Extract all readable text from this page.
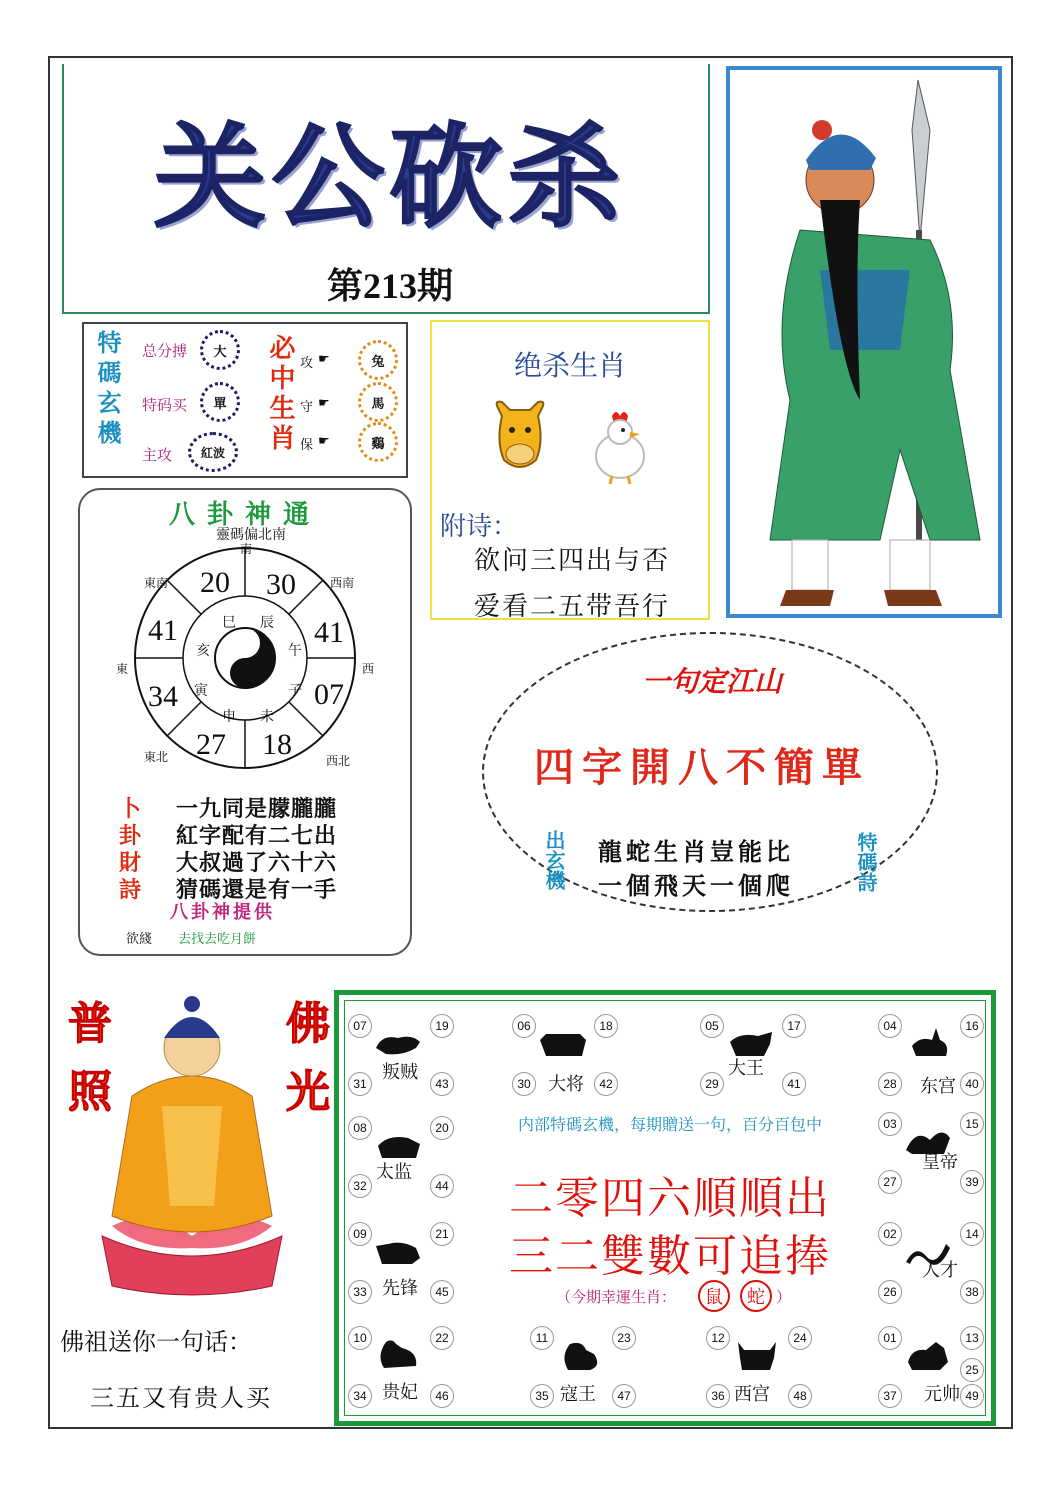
关公砍杀
第213期
特碼玄機 总分搏	大
特码买	單
主攻	紅波	必中生肖 攻 ☛	兔
守 ☛	馬
保 ☛	鷄
绝杀生肖
附诗：
欲问三四出与否
爱看二五带吾行
八卦神通
靈碼偏北南
南
東南	西南
東	西
東北	西北
20 30
41	41
34	07
27 18
巳 辰
亥	午
寅	子
申 未
卜
卦
財
詩
一九同是朦朧朧
紅字配有二七出
大叔過了六十六
猜碼還是有一手
八卦神提供
欲綫 去找去吃月餅
一句定江山
四字開八不簡單
出玄機	特碼詩
龍蛇生肖豈能比
一個飛天一個爬
普照	佛光
佛祖送你一句话：
三五又有贵人买
内部特碼玄機，每期贈送一句，百分百包中
二零四六順順出
三二雙數可追捧
（今期幸運生肖：	鼠	蛇 ）
07	19
31	43
叛贼
06	18
30	42
大将
05	17
29	41
大王
04	16
28	40
东宫
08	20
32	44
太监
03	15
27	39
皇帝
09	21
33	45
先锋
02	14
26	38
人才
10	22
34	46
贵妃
11	23
35	47
寇王
12	24
36	48
西宫
01	13
25
37	49
元帅
